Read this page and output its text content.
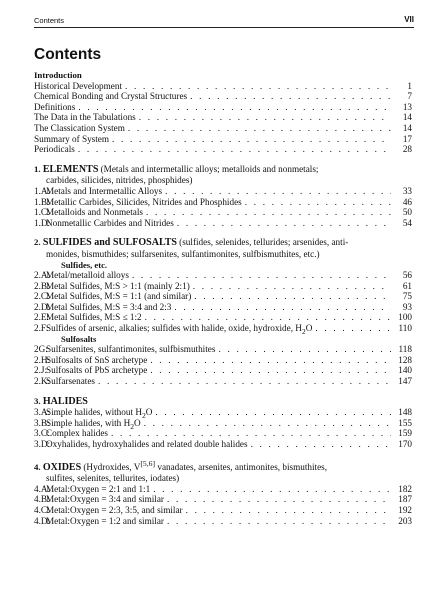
Contents	VII
Contents
Introduction
Historical Development . . .	1
Chemical Bonding and Crystal Structures . . .	7
Definitions . . .	13
The Data in the Tabulations . . .	14
The Classication System . . .	14
Summary of System . . .	17
Periodicals . . .	28
1. ELEMENTS (Metals and intermetallic alloys; metalloids and nonmetals;
carbides, silicides, nitrides, phosphides)
1.A:
Metals and Intermetallic Alloys . . .	33
1.B:
Metallic Carbides, Silicides, Nitrides and Phosphides . . .	46
1.C:
Metalloids and Nonmetals . . .	50
1.D:
Nonmetallic Carbides and Nitrides . . .	54
2. SULFIDES and SULFOSALTS (sulfides, selenides, tellurides; arsenides, anti-
monides, bismuthides; sulfarsenites, sulfantimonites, sulfbismuthites, etc.)
Sulfides, etc.
2.A:
Metal/metalloid alloys . . .	56
2.B:
Metal Sulfides, M:S > 1:1 (mainly 2:1) . . .	61
2.C:
Metal Sulfides, M:S = 1:1 (and similar) . . .	75
2.D:
Metal Sulfides, M:S = 3:4 and 2:3 . . .	93
2.E:
Metal Sulfides, M:S ≤ 1:2 . . .	100
2.F:
Sulfides of arsenic, alkalies; sulfides with halide, oxide, hydroxide, $H_2O$ . . .	110
Sulfosalts
2G:
Sulfarsenites, sulfantimonites, sulfbismuthites . . .	118
2.H:
Sulfosalts of SnS archetype . . .	128
2.J:
Sulfosalts of PbS archetype . . .	140
2.K:
Sulfarsenates . . .	147
3. HALIDES
3.A:
Simple halides, without $H_2O$ . . .	148
3.B:
Simple halides, with $H_2O$ . . .	155
3.C:
Complex halides . . .	159
3.D:
Oxyhalides, hydroxyhalides and related double halides . . .	170
4. OXIDES (Hydroxides, V[5,6] vanadates, arsenites, antimonites, bismuthites,
sulfites, selenites, tellurites, iodates)
4.A:
Metal:Oxygen = 2:1 and 1:1 . . .	182
4.B:
Metal:Oxygen = 3:4 and similar . . .	187
4.C:
Metal:Oxygen = 2:3, 3:5, and similar . . .	192
4.D:
Metal:Oxygen = 1:2 and similar . . .	203
